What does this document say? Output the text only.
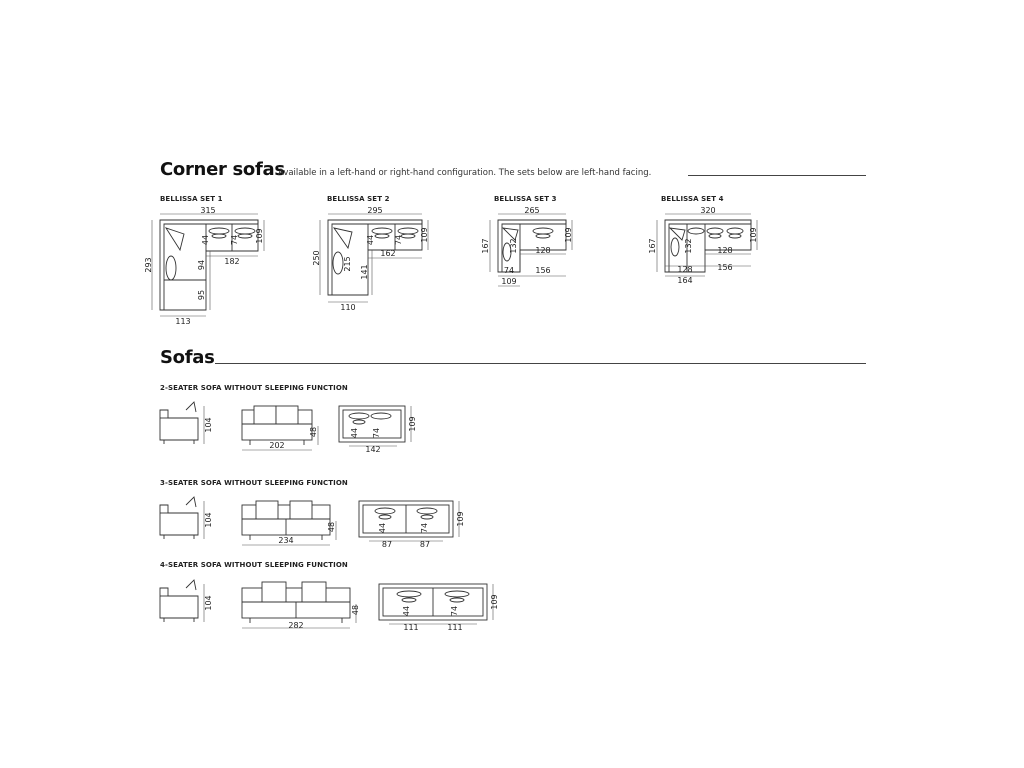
Corner sofas
Available in a left-hand or right-hand configuration. The sets below are left-hand facing.
BELLISSA SET 1	BELLISSA SET 2	BELLISSA SET 3	BELLISSA SET 4
315
109
44	74
182
293	94
95
113
295
109
44 74
162
250	215
141
110
265
109
167 132 128
74	156
109
320
109
167	132	128
128	156
164
Sofas
2-SEATER SOFA WITHOUT SLEEPING FUNCTION
3-SEATER SOFA WITHOUT SLEEPING FUNCTION
4-SEATER SOFA WITHOUT SLEEPING FUNCTION
104
202
48
109
142
44 74
104
234
48
109
87	87
44	74
104
282
48
109
111	111
44	74
